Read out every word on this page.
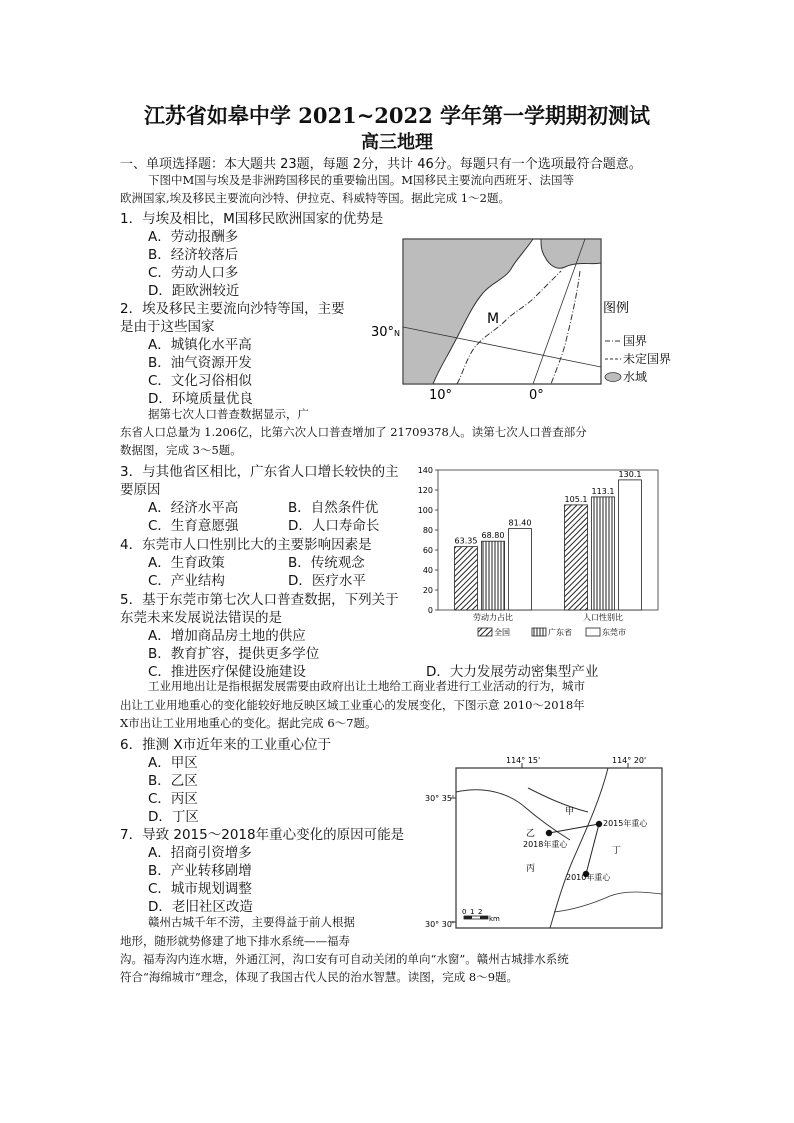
江苏省如皋中学 2021~2022 学年第一学期期初测试
高三地理
一、单项选择题：本大题共 23题，每题 2分，共计 46分。每题只有一个选项最符合题意。
下图中M国与埃及是非洲跨国移民的重要输出国。M国移民主要流向西班牙、法国等
欧洲国家,埃及移民主要流向沙特、伊拉克、科威特等国。据此完成 1～2题。
1．与埃及相比，M国移民欧洲国家的优势是
A．劳动报酬多
B．经济较落后
C．劳动人口多
D．距欧洲较近
2．埃及移民主要流向沙特等国，主要
是由于这些国家
A．城镇化水平高
B．油气资源开发
C．文化习俗相似
D．环境质量优良
M
30° N
10°	0°
图例
国界
未定国界
水域
据第七次人口普查数据显示，广
东省人口总量为 1.206亿，比第六次人口普查增加了 21709378人。读第七次人口普查部分
数据图，完成 3～5题。
3．与其他省区相比，广东省人口增长较快的主
要原因
A．经济水平高	B．自然条件优
C．生育意愿强	D．人口寿命长
4．东莞市人口性别比大的主要影响因素是
A．生育政策	B．传统观念
C．产业结构	D．医疗水平
5．基于东莞市第七次人口普查数据，下列关于
东莞未来发展说法错误的是
A．增加商品房土地的供应
B．教育扩容，提供更多学位
C．推进医疗保健设施建设	D．大力发展劳动密集型产业
0
20
40
60
80
100
120
140
63.35
68.80
81.40
劳动力占比
105.1
113.1
130.1
人口性别比
全国	广东省	东莞市
工业用地出让是指根据发展需要由政府出让土地给工商业者进行工业活动的行为，城市
出让工业用地重心的变化能较好地反映区域工业重心的发展变化，下图示意 2010～2018年
X市出让工业用地重心的变化。据此完成 6～7题。
6．推测 X市近年来的工业重心位于
A．甲区
B．乙区
C．丙区
D．丁区
7．导致 2015～2018年重心变化的原因可能是
A．招商引资增多
B．产业转移剧增
C．城市规划调整
D．老旧社区改造
114° 15'	114° 20'
30° 35'
30° 30'
甲
乙
丙
丁
2015年重心
2018年重心
2010年重心
0 1 2
km
赣州古城千年不涝，主要得益于前人根据
地形，随形就势修建了地下排水系统——福寿
沟。福寿沟内连水塘，外通江河，沟口安有可自动关闭的单向“水窗”。赣州古城排水系统
符合“海绵城市”理念，体现了我国古代人民的治水智慧。读图，完成 8～9题。
